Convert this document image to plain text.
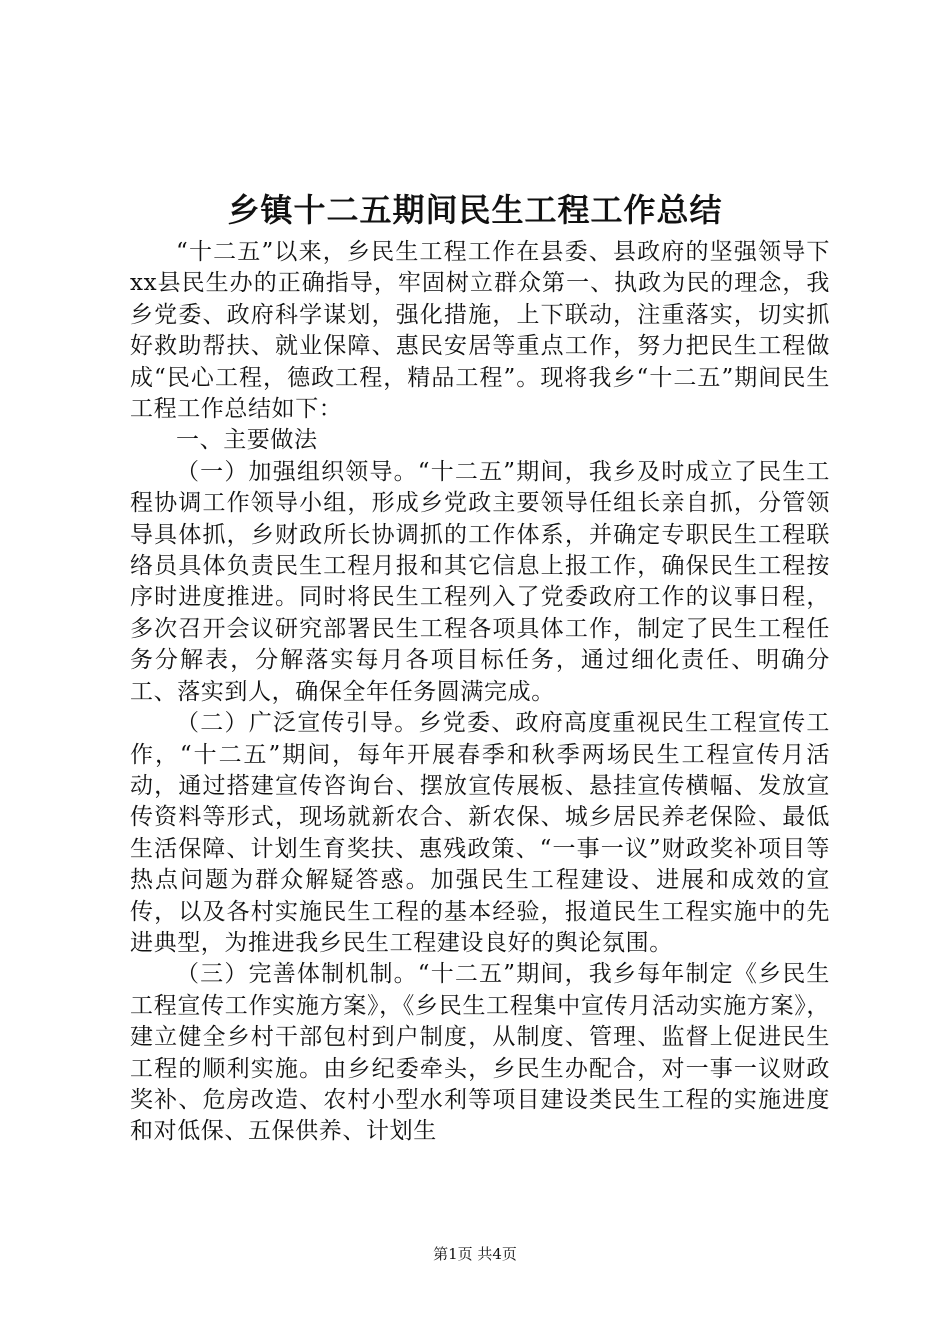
乡镇十二五期间民生工程工作总结

“十二五”以来，乡民生工程工作在县委、县政府的坚强领导下xx县民生办的正确指导，牢固树立群众第一、执政为民的理念，我乡党委、政府科学谋划，强化措施，上下联动，注重落实，切实抓好救助帮扶、就业保障、惠民安居等重点工作，努力把民生工程做成“民心工程，德政工程，精品工程”。现将我乡“十二五”期间民生工程工作总结如下：

一、主要做法

（一）加强组织领导。“十二五”期间，我乡及时成立了民生工程协调工作领导小组，形成乡党政主要领导任组长亲自抓，分管领导具体抓，乡财政所长协调抓的工作体系，并确定专职民生工程联络员具体负责民生工程月报和其它信息上报工作，确保民生工程按序时进度推进。同时将民生工程列入了党委政府工作的议事日程，多次召开会议研究部署民生工程各项具体工作，制定了民生工程任务分解表，分解落实每月各项目标任务，通过细化责任、明确分工、落实到人，确保全年任务圆满完成。

（二）广泛宣传引导。乡党委、政府高度重视民生工程宣传工作，“十二五”期间，每年开展春季和秋季两场民生工程宣传月活动，通过搭建宣传咨询台、摆放宣传展板、悬挂宣传横幅、发放宣传资料等形式，现场就新农合、新农保、城乡居民养老保险、最低生活保障、计划生育奖扶、惠残政策、“一事一议”财政奖补项目等热点问题为群众解疑答惑。加强民生工程建设、进展和成效的宣传，以及各村实施民生工程的基本经验，报道民生工程实施中的先进典型，为推进我乡民生工程建设良好的舆论氛围。

（三）完善体制机制。“十二五”期间，我乡每年制定《乡民生工程宣传工作实施方案》，《乡民生工程集中宣传月活动实施方案》，建立健全乡村干部包村到户制度，从制度、管理、监督上促进民生工程的顺利实施。由乡纪委牵头，乡民生办配合，对一事一议财政奖补、危房改造、农村小型水利等项目建设类民生工程的实施进度和对低保、五保供养、计划生

第1页 共4页
